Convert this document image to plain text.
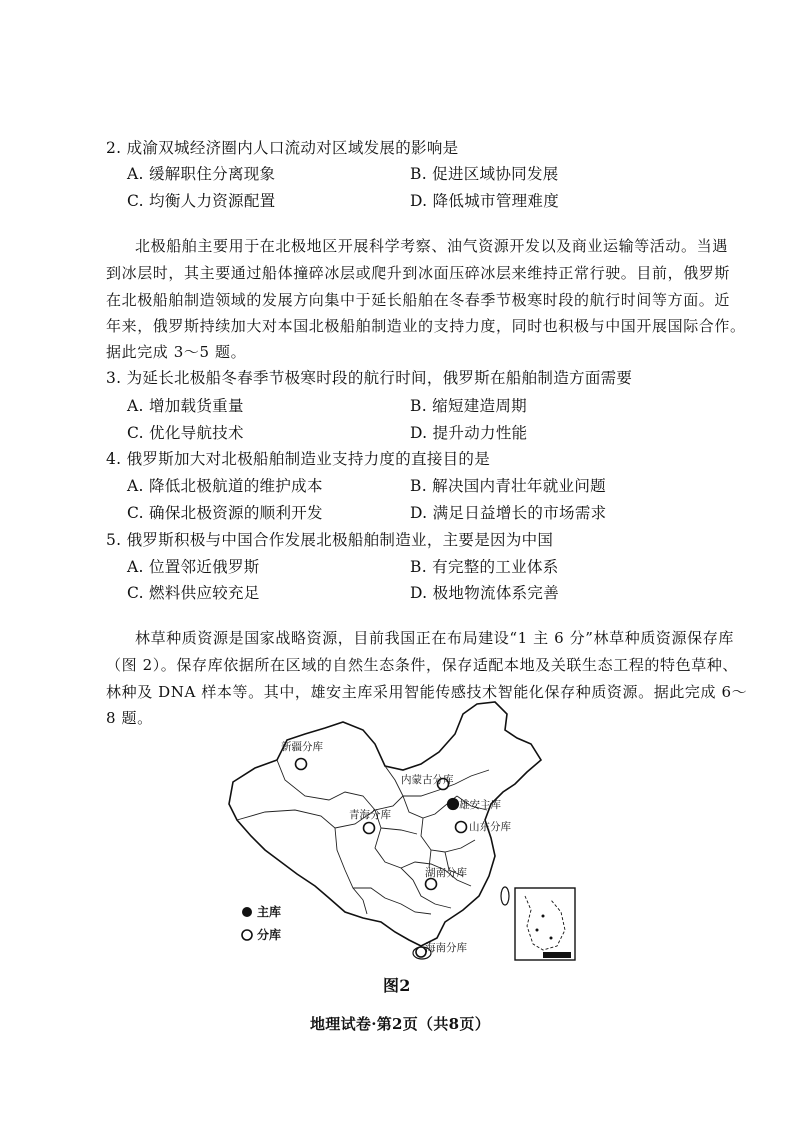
2. 成渝双城经济圈内人口流动对区域发展的影响是
A. 缓解职住分离现象	B. 促进区域协同发展
C. 均衡人力资源配置	D. 降低城市管理难度
北极船舶主要用于在北极地区开展科学考察、油气资源开发以及商业运输等活动。当遇
到冰层时，其主要通过船体撞碎冰层或爬升到冰面压碎冰层来维持正常行驶。目前，俄罗斯
在北极船舶制造领域的发展方向集中于延长船舶在冬春季节极寒时段的航行时间等方面。近
年来，俄罗斯持续加大对本国北极船舶制造业的支持力度，同时也积极与中国开展国际合作。
据此完成 3～5 题。
3. 为延长北极船冬春季节极寒时段的航行时间，俄罗斯在船舶制造方面需要
A. 增加载货重量	B. 缩短建造周期
C. 优化导航技术	D. 提升动力性能
4. 俄罗斯加大对北极船舶制造业支持力度的直接目的是
A. 降低北极航道的维护成本	B. 解决国内青壮年就业问题
C. 确保北极资源的顺利开发	D. 满足日益增长的市场需求
5. 俄罗斯积极与中国合作发展北极船舶制造业，主要是因为中国
A. 位置邻近俄罗斯	B. 有完整的工业体系
C. 燃料供应较充足	D. 极地物流体系完善
林草种质资源是国家战略资源，目前我国正在布局建设“1 主 6 分”林草种质资源保存库
（图 2）。保存库依据所在区域的自然生态条件，保存适配本地及关联生态工程的特色草种、
林种及 DNA 样本等。其中，雄安主库采用智能传感技术智能化保存种质资源。据此完成 6～
8 题。
新疆分库
内蒙古分库
雄安主库
青海分库
山东分库
湖南分库
海南分库
主库
分库
图2
地理试卷·第2页（共8页）
